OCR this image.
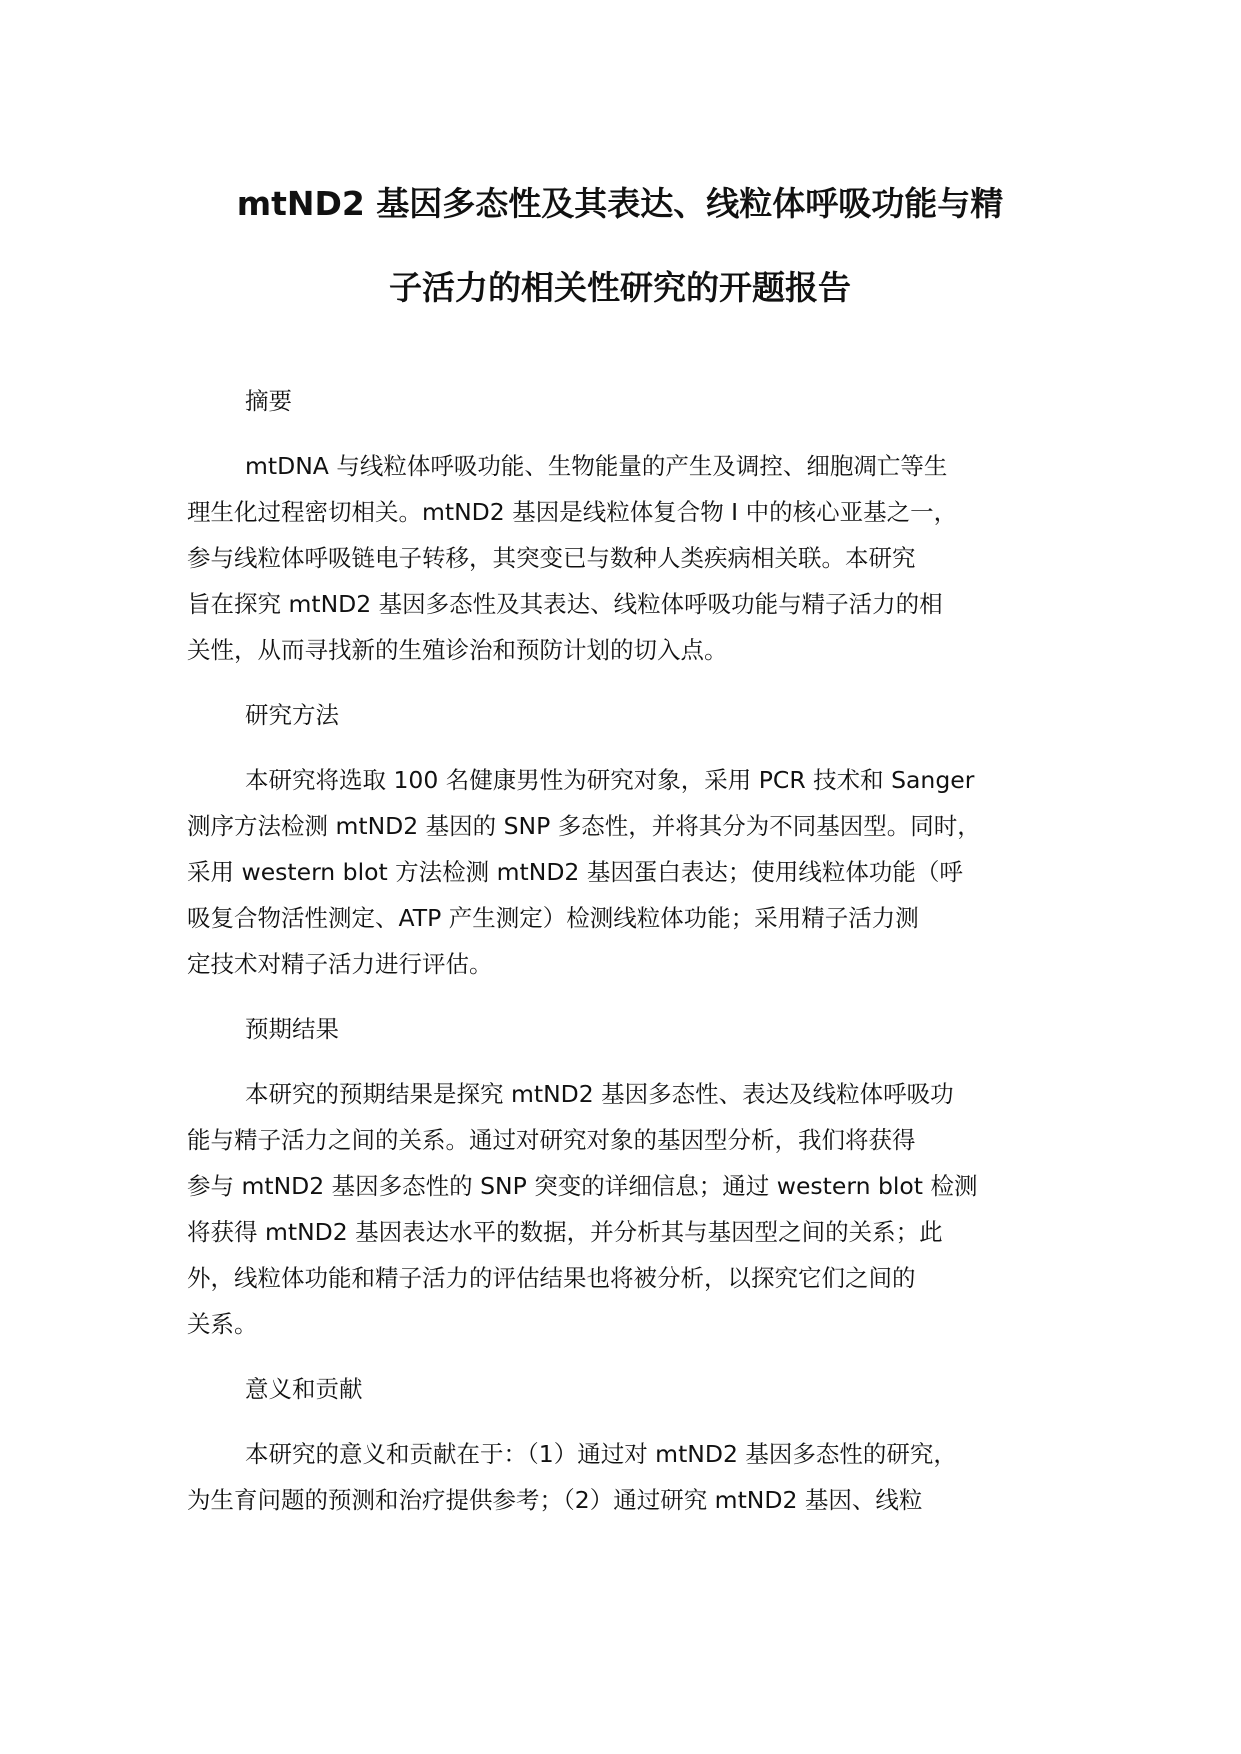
mtND2 基因多态性及其表达、线粒体呼吸功能与精
子活力的相关性研究的开题报告
摘要
mtDNA 与线粒体呼吸功能、生物能量的产生及调控、细胞凋亡等生
理生化过程密切相关。mtND2 基因是线粒体复合物 I 中的核心亚基之一，
参与线粒体呼吸链电子转移，其突变已与数种人类疾病相关联。本研究
旨在探究 mtND2 基因多态性及其表达、线粒体呼吸功能与精子活力的相
关性，从而寻找新的生殖诊治和预防计划的切入点。
研究方法
本研究将选取 100 名健康男性为研究对象，采用 PCR 技术和 Sanger
测序方法检测 mtND2 基因的 SNP 多态性，并将其分为不同基因型。同时，
采用 western blot 方法检测 mtND2 基因蛋白表达；使用线粒体功能（呼
吸复合物活性测定、ATP 产生测定）检测线粒体功能；采用精子活力测
定技术对精子活力进行评估。
预期结果
本研究的预期结果是探究 mtND2 基因多态性、表达及线粒体呼吸功
能与精子活力之间的关系。通过对研究对象的基因型分析，我们将获得
参与 mtND2 基因多态性的 SNP 突变的详细信息；通过 western blot 检测
将获得 mtND2 基因表达水平的数据，并分析其与基因型之间的关系；此
外，线粒体功能和精子活力的评估结果也将被分析，以探究它们之间的
关系。
意义和贡献
本研究的意义和贡献在于：（1）通过对 mtND2 基因多态性的研究，
为生育问题的预测和治疗提供参考；（2）通过研究 mtND2 基因、线粒
